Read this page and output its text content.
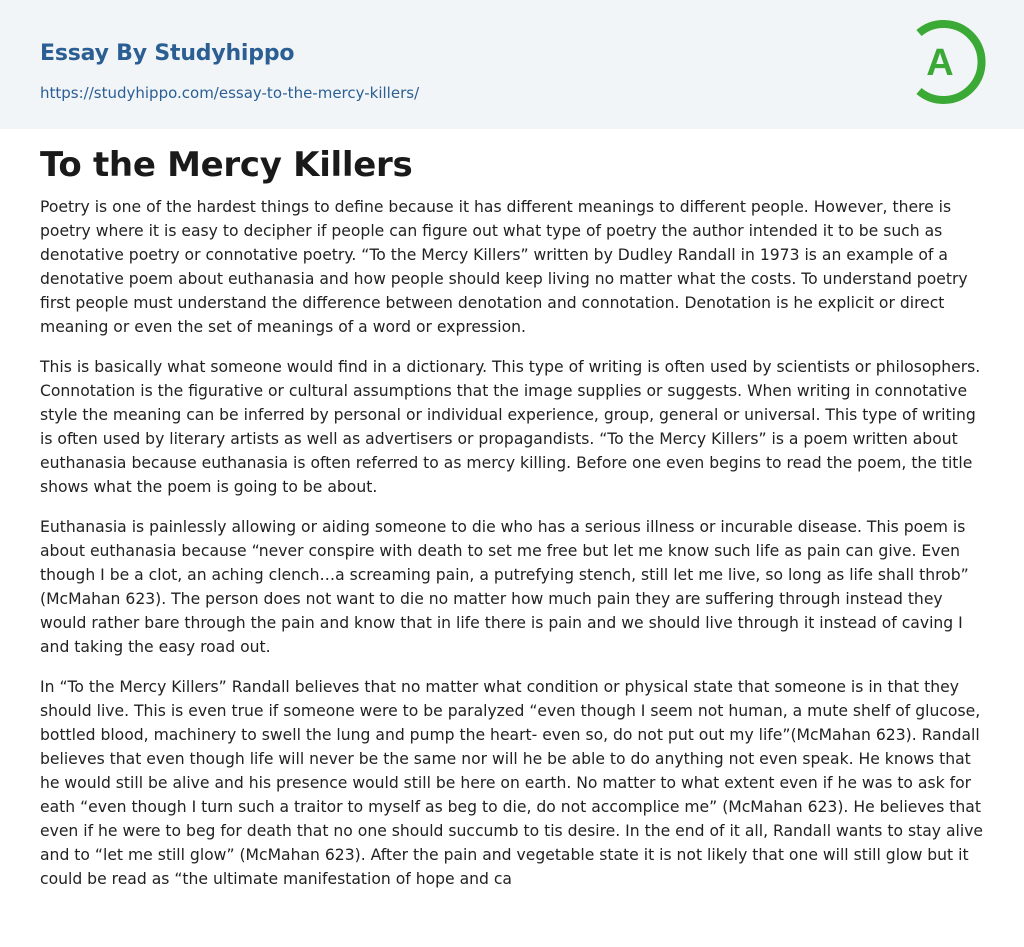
Essay By Studyhippo
https://studyhippo.com/essay-to-the-mercy-killers/
A
To the Mercy Killers

Poetry is one of the hardest things to define because it has different meanings to different people. However, there is poetry where it is easy to decipher if people can figure out what type of poetry the author intended it to be such as denotative poetry or connotative poetry. “To the Mercy Killers” written by Dudley Randall in 1973 is an example of a denotative poem about euthanasia and how people should keep living no matter what the costs. To understand poetry first people must understand the difference between denotation and connotation. Denotation is he explicit or direct meaning or even the set of meanings of a word or expression.

This is basically what someone would find in a dictionary. This type of writing is often used by scientists or philosophers. Connotation is the figurative or cultural assumptions that the image supplies or suggests. When writing in connotative style the meaning can be inferred by personal or individual experience, group, general or universal. This type of writing is often used by literary artists as well as advertisers or propagandists. “To the Mercy Killers” is a poem written about euthanasia because euthanasia is often referred to as mercy killing. Before one even begins to read the poem, the title shows what the poem is going to be about.

Euthanasia is painlessly allowing or aiding someone to die who has a serious illness or incurable disease. This poem is about euthanasia because “never conspire with death to set me free but let me know such life as pain can give. Even though I be a clot, an aching clench…a screaming pain, a putrefying stench, still let me live, so long as life shall throb” (McMahan 623). The person does not want to die no matter how much pain they are suffering through instead they would rather bare through the pain and know that in life there is pain and we should live through it instead of caving I and taking the easy road out.

In “To the Mercy Killers” Randall believes that no matter what condition or physical state that someone is in that they should live. This is even true if someone were to be paralyzed “even though I seem not human, a mute shelf of glucose, bottled blood, machinery to swell the lung and pump the heart- even so, do not put out my life”(McMahan 623). Randall believes that even though life will never be the same nor will he be able to do anything not even speak. He knows that he would still be alive and his presence would still be here on earth. No matter to what extent even if he was to ask for eath “even though I turn such a traitor to myself as beg to die, do not accomplice me” (McMahan 623). He believes that even if he were to beg for death that no one should succumb to tis desire. In the end of it all, Randall wants to stay alive and to “let me still glow” (McMahan 623). After the pain and vegetable state it is not likely that one will still glow but it could be read as “the ultimate manifestation of hope and ca
